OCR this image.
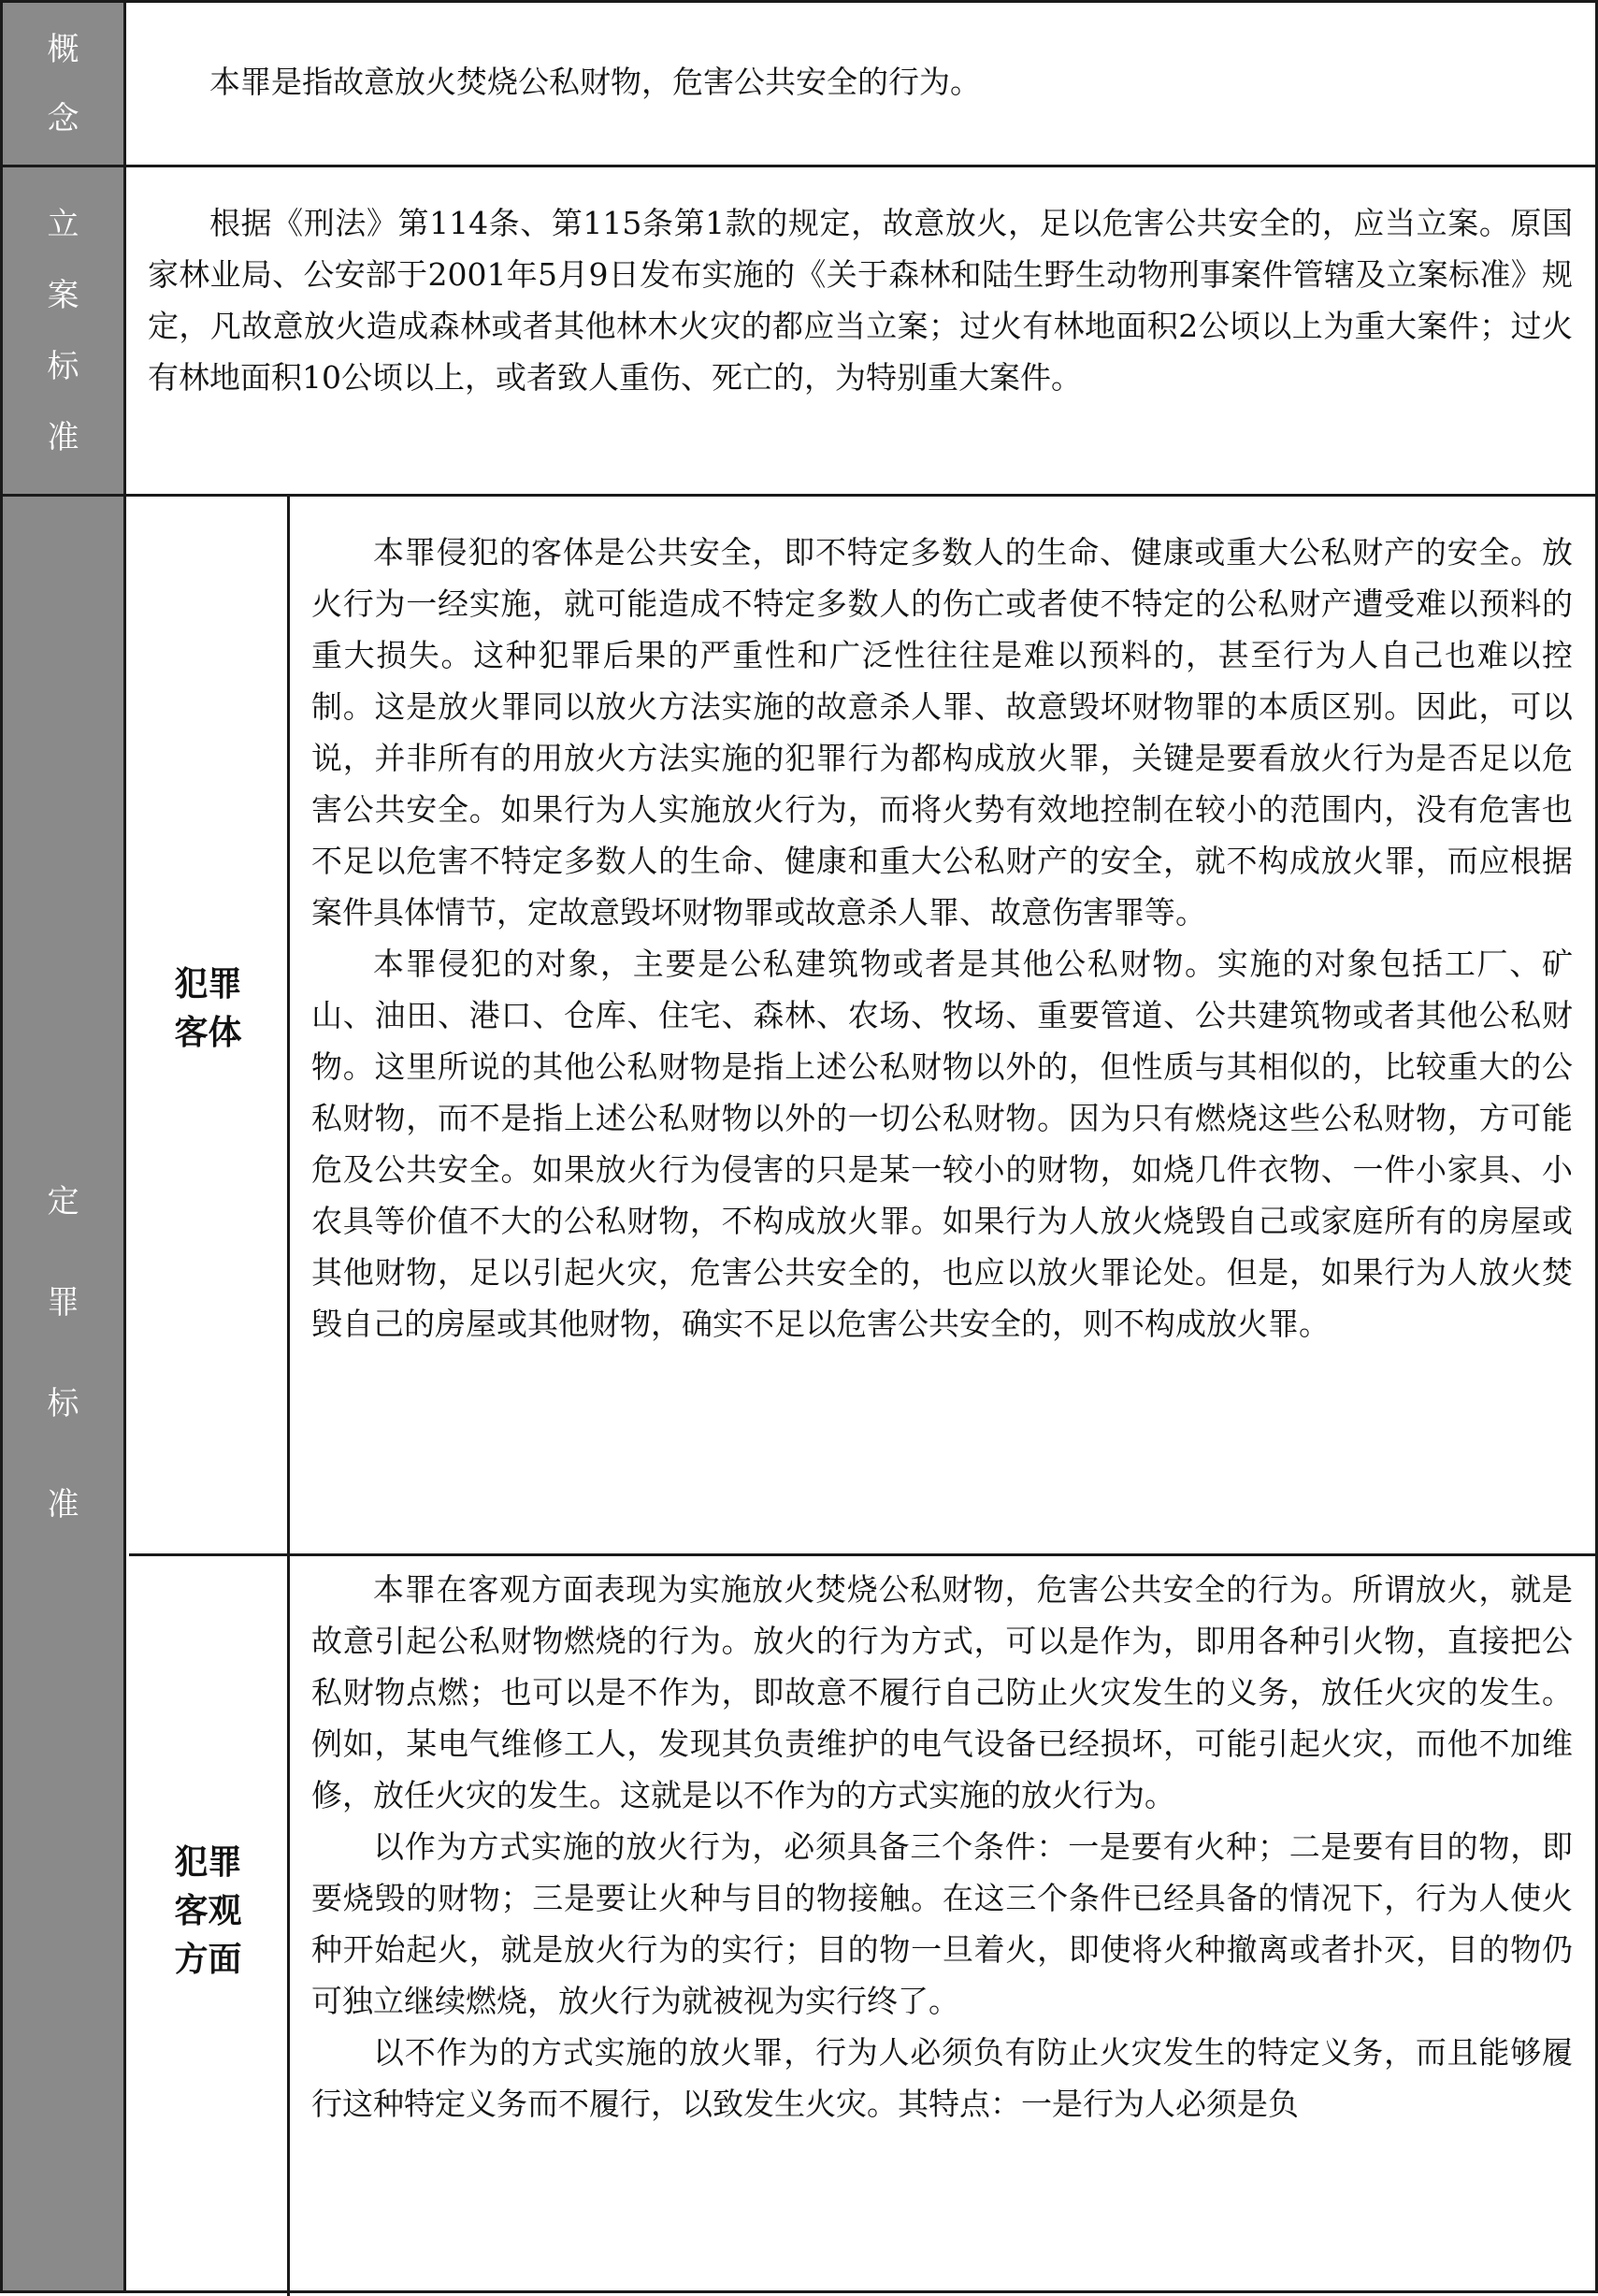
概
念

本罪是指故意放火焚烧公私财物，危害公共安全的行为。

立
案
标
准

根据《刑法》第114条、第115条第1款的规定，故意放火，足以危害公共安全的，应当立案。原国家林业局、公安部于2001年5月9日发布实施的《关于森林和陆生野生动物刑事案件管辖及立案标准》规定，凡故意放火造成森林或者其他林木火灾的都应当立案；过火有林地面积2公顷以上为重大案件；过火有林地面积10公顷以上，或者致人重伤、死亡的，为特别重大案件。

定
罪
标
准
犯罪
客体

本罪侵犯的客体是公共安全，即不特定多数人的生命、健康或重大公私财产的安全。放火行为一经实施，就可能造成不特定多数人的伤亡或者使不特定的公私财产遭受难以预料的重大损失。这种犯罪后果的严重性和广泛性往往是难以预料的，甚至行为人自己也难以控制。这是放火罪同以放火方法实施的故意杀人罪、故意毁坏财物罪的本质区别。因此，可以说，并非所有的用放火方法实施的犯罪行为都构成放火罪，关键是要看放火行为是否足以危害公共安全。如果行为人实施放火行为，而将火势有效地控制在较小的范围内，没有危害也不足以危害不特定多数人的生命、健康和重大公私财产的安全，就不构成放火罪，而应根据案件具体情节，定故意毁坏财物罪或故意杀人罪、故意伤害罪等。

本罪侵犯的对象，主要是公私建筑物或者是其他公私财物。实施的对象包括工厂、矿山、油田、港口、仓库、住宅、森林、农场、牧场、重要管道、公共建筑物或者其他公私财物。这里所说的其他公私财物是指上述公私财物以外的，但性质与其相似的，比较重大的公私财物，而不是指上述公私财物以外的一切公私财物。因为只有燃烧这些公私财物，方可能危及公共安全。如果放火行为侵害的只是某一较小的财物，如烧几件衣物、一件小家具、小农具等价值不大的公私财物，不构成放火罪。如果行为人放火烧毁自己或家庭所有的房屋或其他财物，足以引起火灾，危害公共安全的，也应以放火罪论处。但是，如果行为人放火焚毁自己的房屋或其他财物，确实不足以危害公共安全的，则不构成放火罪。

犯罪
客观
方面

本罪在客观方面表现为实施放火焚烧公私财物，危害公共安全的行为。所谓放火，就是故意引起公私财物燃烧的行为。放火的行为方式，可以是作为，即用各种引火物，直接把公私财物点燃；也可以是不作为，即故意不履行自己防止火灾发生的义务，放任火灾的发生。例如，某电气维修工人，发现其负责维护的电气设备已经损坏，可能引起火灾，而他不加维修，放任火灾的发生。这就是以不作为的方式实施的放火行为。

以作为方式实施的放火行为，必须具备三个条件：一是要有火种；二是要有目的物，即要烧毁的财物；三是要让火种与目的物接触。在这三个条件已经具备的情况下，行为人使火种开始起火，就是放火行为的实行；目的物一旦着火，即使将火种撤离或者扑灭，目的物仍可独立继续燃烧，放火行为就被视为实行终了。

以不作为的方式实施的放火罪，行为人必须负有防止火灾发生的特定义务，而且能够履行这种特定义务而不履行，以致发生火灾。其特点：一是行为人必须是负
